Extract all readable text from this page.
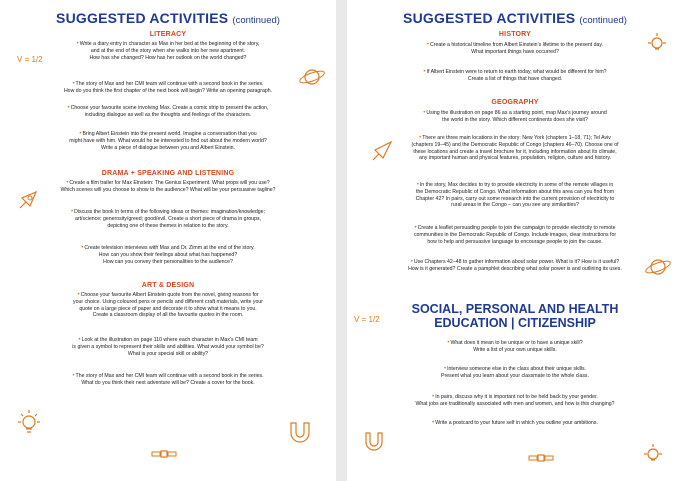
SUGGESTED ACTIVITIES (continued)
LITERACY
•Write a diary entry in character as Max in her bed at the beginning of the story,
and at the end of the story when she walks into her new apartment.
How has she changed? How has her outlook on the world changed?
•The story of Max and her CMI team will continue with a second book in the series.
How do you think the first chapter of the next book will begin? Write an opening paragraph.
•Choose your favourite scene involving Max. Create a comic strip to present the action,
including dialogue as well as the thoughts and feelings of the characters.
•Bring Albert Einstein into the present world. Imagine a conversation that you
might have with him. What would he be interested to find out about the modern world?
Write a piece of dialogue between you and Albert Einstein.
DRAMA + SPEAKING AND LISTENING
•Create a film trailer for Max Einstein: The Genius Experiment. What props will you use?
Which scenes will you choose to show to the audience? What will be your persuasive tagline?
•Discuss the book in terms of the following ideas or themes: imagination/knowledge;
art/science; generosity/greed; good/evil. Create a short piece of drama in groups,
depicting one of these themes in relation to the story.
•Create television interviews with Max and Dr. Zimm at the end of the story.
How can you show their feelings about what has happened?
How can you convey their personalities to the audience?
ART & DESIGN
•Choose your favourite Albert Einstein quote from the novel, giving reasons for
your choice. Using coloured pens or pencils and different craft materials, write your
quote on a large piece of paper and decorate it to show what it means to you.
Create a classroom display of all the favourite quotes in the room.
•Look at the illustration on page 110 where each character in Max's CMI team
is given a symbol to represent their skills and abilities. What would your symbol be?
What is your special skill or ability?
•The story of Max and her CMI team will continue with a second book in the series.
What do you think their next adventure will be? Create a cover for the book.
V = 1/2
SUGGESTED ACTIVITIES (continued)
HISTORY
•Create a historical timeline from Albert Einstein's lifetime to the present day.
What important things have occurred?
•If Albert Einstein were to return to earth today, what would be different for him?
Create a list of things that have changed.
GEOGRAPHY
•Using the illustration on page 86 as a starting point, map Max's journey around
the world in the story. Which different continents does she visit?
•There are three main locations in the story: New York (chapters 1–18, 71); Tel Aviv
(chapters 19–45) and the Democratic Republic of Congo (chapters 46–70). Choose one of
these locations and create a travel brochure for it, including information about its climate,
any important human and physical features, population, religion, culture and history.
•In the story, Max decides to try to provide electricity in some of the remote villages in
the Democratic Republic of Congo. What information about this area can you find from
Chapter 42? In pairs, carry out some research into the current provision of electricity to
rural areas in the Congo – can you see any similarities?
•Create a leaflet persuading people to join the campaign to provide electricity to remote
communities in the Democratic Republic of Congo. Include images, clear instructions for
how to help and persuasive language to encourage people to join the cause.
•Use Chapters 42–48 to gather information about solar power. What is it? How is it useful?
How is it generated? Create a pamphlet describing what solar power is and outlining its uses.
SOCIAL, PERSONAL AND HEALTH
EDUCATION | CITIZENSHIP
•What does it mean to be unique or to have a unique skill?
Write a list of your own unique skills.
•Interview someone else in the class about their unique skills.
Present what you learn about your classmate to the whole class.
•In pairs, discuss why it is important not to be held back by your gender.
What jobs are traditionally associated with men and women, and how is this changing?
•Write a postcard to your future self in which you outline your ambitions.
V = 1/2
